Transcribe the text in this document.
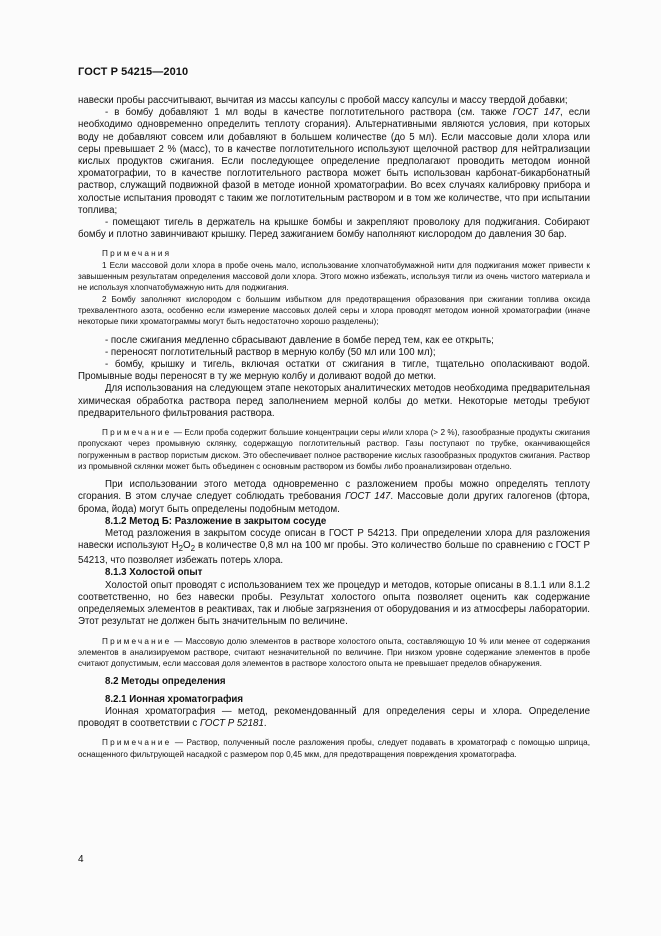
ГОСТ Р 54215—2010

навески пробы рассчитывают, вычитая из массы капсулы с пробой массу капсулы и массу твердой добавки;

- в бомбу добавляют 1 мл воды в качестве поглотительного раствора (см. также ГОСТ 147, если необходимо одновременно определить теплоту сгорания). Альтернативными являются условия, при которых воду не добавляют совсем или добавляют в большем количестве (до 5 мл). Если массовые доли хлора или серы превышает 2 % (масс), то в качестве поглотительного используют щелочной раствор для нейтрализации кислых продуктов сжигания. Если последующее определение предполагают проводить методом ионной хроматографии, то в качестве поглотительного раствора может быть использован карбонат-бикарбонатный раствор, служащий подвижной фазой в методе ионной хроматографии. Во всех случаях калибровку прибора и холостые испытания проводят с таким же поглотительным раствором и в том же количестве, что при испытании топлива;

- помещают тигель в держатель на крышке бомбы и закрепляют проволоку для поджигания. Собирают бомбу и плотно завинчивают крышку. Перед зажиганием бомбу наполняют кислородом до давления 30 бар.

Примечания

1 Если массовой доли хлора в пробе очень мало, использование хлопчатобумажной нити для поджигания может привести к завышенным результатам определения массовой доли хлора. Этого можно избежать, используя тигли из очень чистого материала и не используя хлопчатобумажную нить для поджигания.

2 Бомбу заполняют кислородом с большим избытком для предотвращения образования при сжигании топлива оксида трехвалентного азота, особенно если измерение массовых долей серы и хлора проводят методом ионной хроматографии (иначе некоторые пики хроматограммы могут быть недостаточно хорошо разделены);

- после сжигания медленно сбрасывают давление в бомбе перед тем, как ее открыть;

- переносят поглотительный раствор в мерную колбу (50 мл или 100 мл);

- бомбу, крышку и тигель, включая остатки от сжигания в тигле, тщательно ополаскивают водой. Промывные воды переносят в ту же мерную колбу и доливают водой до метки.

Для использования на следующем этапе некоторых аналитических методов необходима предварительная химическая обработка раствора перед заполнением мерной колбы до метки. Некоторые методы требуют предварительного фильтрования раствора.

Примечание — Если проба содержит большие концентрации серы и/или хлора (> 2 %), газообразные продукты сжигания пропускают через промывную склянку, содержащую поглотительный раствор. Газы поступают по трубке, оканчивающейся погруженным в раствор пористым диском. Это обеспечивает полное растворение кислых газообразных продуктов сжигания. Раствор из промывной склянки может быть объединен с основным раствором из бомбы либо проанализирован отдельно.

При использовании этого метода одновременно с разложением пробы можно определять теплоту сгорания. В этом случае следует соблюдать требования ГОСТ 147. Массовые доли других галогенов (фтора, брома, йода) могут быть определены подобным методом.

8.1.2 Метод Б: Разложение в закрытом сосуде

Метод разложения в закрытом сосуде описан в ГОСТ Р 54213. При определении хлора для разложения навески используют $Н_2О_2$ в количестве 0,8 мл на 100 мг пробы. Это количество больше по сравнению с ГОСТ Р 54213, что позволяет избежать потерь хлора.

8.1.3 Холостой опыт

Холостой опыт проводят с использованием тех же процедур и методов, которые описаны в 8.1.1 или 8.1.2 соответственно, но без навески пробы. Результат холостого опыта позволяет оценить как содержание определяемых элементов в реактивах, так и любые загрязнения от оборудования и из атмосферы лаборатории. Этот результат не должен быть значительным по величине.

Примечание — Массовую долю элементов в растворе холостого опыта, составляющую 10 % или менее от содержания элементов в анализируемом растворе, считают незначительной по величине. При низком уровне содержание элементов в пробе считают допустимым, если массовая доля элементов в растворе холостого опыта не превышает пределов обнаружения.

8.2 Методы определения

8.2.1 Ионная хроматография

Ионная хроматография — метод, рекомендованный для определения серы и хлора. Определение проводят в соответствии с ГОСТ Р 52181.

Примечание — Раствор, полученный после разложения пробы, следует подавать в хроматограф с помощью шприца, оснащенного фильтрующей насадкой с размером пор 0,45 мкм, для предотвращения повреждения хроматографа.

4
